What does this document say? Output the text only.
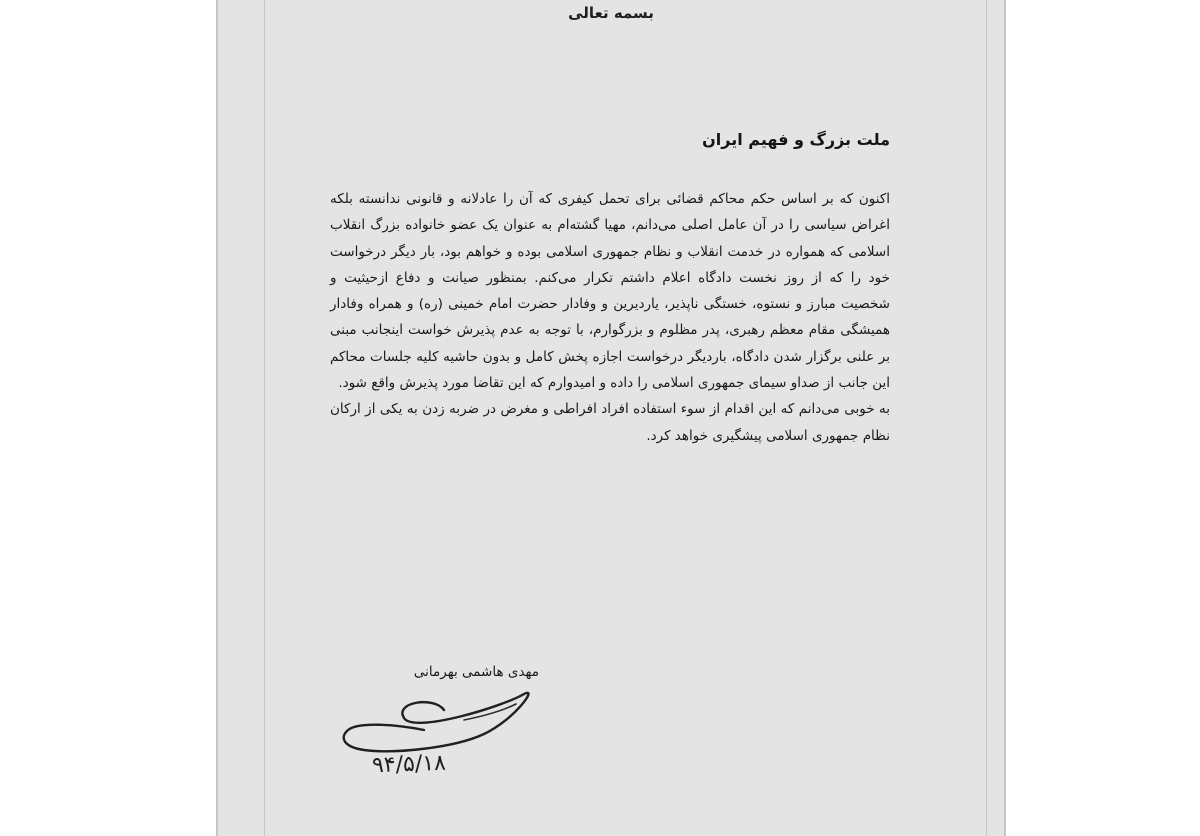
بسمه تعالی
ملت بزرگ و فهیم ایران

اکنون که بر اساس حکم محاکم قضائی برای تحمل کیفری که آن را عادلانه و قانونی ندانسته بلکه اغراض سیاسی را در آن عامل اصلی می‌دانم، مهیا گشته‌ام به عنوان یک عضو خانواده بزرگ انقلاب اسلامی که همواره در خدمت انقلاب و نظام جمهوری اسلامی بوده و خواهم بود، بار دیگر درخواست خود را که از روز نخست دادگاه اعلام داشتم تکرار می‌کنم. بمنظور صیانت و دفاع ازحیثیت و شخصیت مبارز و نستوه، خستگی ناپذیر، یاردیرین و وفادار حضرت امام خمینی (ره) و همراه وفادار همیشگی مقام معظم رهبری، پدر مظلوم و بزرگوارم، با توجه به عدم پذیرش خواست اینجانب مبنی بر علنی برگزار شدن دادگاه، باردیگر درخواست اجازه پخش کامل و بدون حاشیه کلیه جلسات محاکم این جانب از صداو سیمای جمهوری اسلامی را داده و امیدوارم که این تقاضا مورد پذیرش واقع شود.

به خوبی می‌دانم که این اقدام از سوء استفاده افراد افراطی و مغرض در ضربه زدن به یکی از ارکان نظام جمهوری اسلامی پیشگیری خواهد کرد.

مهدی هاشمی بهرمانی
۹۴/۵/۱۸
